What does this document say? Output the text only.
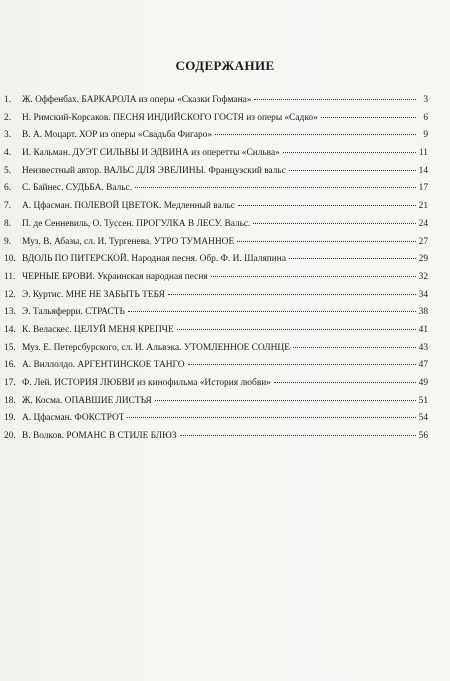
СОДЕРЖАНИЕ
1.	Ж. Оффенбах. БАРКАРОЛА из оперы «Сказки Гофмана»	3
2.	Н. Римский-Корсаков. ПЕСНЯ ИНДИЙСКОГО ГОСТЯ из оперы «Садко»	6
3.	В. А. Моцарт. ХОР из оперы «Свадьба Фигаро»	9
4.	И. Кальман. ДУЭТ СИЛЬВЫ И ЭДВИНА из оперетты «Сильва»	11
5.	Неизвестный автор. ВАЛЬС ДЛЯ ЭВЕЛИНЫ. Французский вальс	14
6.	С. Байнес. СУДЬБА. Вальс.	17
7.	А. Цфасман. ПОЛЕВОЙ ЦВЕТОК. Медленный вальс	21
8.	П. де Сенневиль, О. Туссен. ПРОГУЛКА В ЛЕСУ. Вальс.	24
9.	Муз. В. Абазы, сл. И. Тургенева. УТРО ТУМАННОЕ	27
10. ВДОЛЬ ПО ПИТЕРСКОЙ. Народная песня. Обр. Ф. И. Шаляпина	29
11. ЧЕРНЫЕ БРОВИ. Украинская народная песня	32
12. Э. Куртис. МНЕ НЕ ЗАБЫТЬ ТЕБЯ	34
13. Э. Тальяферри. СТРАСТЬ	38
14. К. Веласкес. ЦЕЛУЙ МЕНЯ КРЕПЧЕ	41
15. Муз. Е. Петерсбурского, сл. И. Альвэка. УТОМЛЕННОЕ СОЛНЦЕ	43
16. А. Виллолдо. АРГЕНТИНСКОЕ ТАНГО	47
17. Ф. Лей. ИСТОРИЯ ЛЮБВИ из кинофильма «История любви»	49
18. Ж. Косма. ОПАВШИЕ ЛИСТЬЯ	51
19. А. Цфасман. ФОКСТРОТ	54
20. В. Волков. РОМАНС В СТИЛЕ БЛЮЗ	56
